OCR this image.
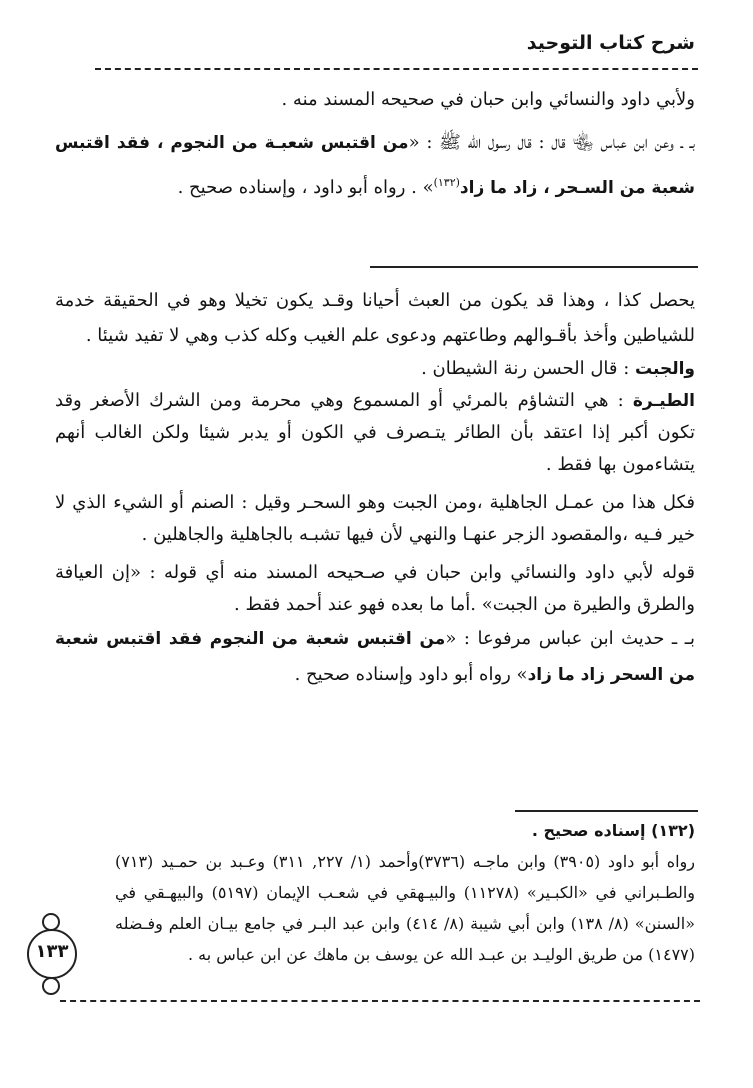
شرح كتاب التوحيد

ولأبي داود والنسائي وابن حبان في صحيحه المسند منه .

بـ ـ وعن ابن عباس ﵄ قال : قال رسول الله ﷺ : «من اقتبس شعبـة من النجوم ، فقد اقتبس شعبة من السـحر ، زاد ما زاد$^{(١٣٢)}$» . رواه أبو داود ، وإسناده صحيح .

يحصل كذا ، وهذا قد يكون من العبث أحيانا وقـد يكون تخيلا وهو في الحقيقة خدمة للشياطين وأخذ بأقـوالهم وطاعتهم ودعوى علم الغيب وكله كذب وهي لا تفيد شيئا .

والجبت : قال الحسن رنة الشيطان .

الطيـرة : هي التشاؤم بالمرئي أو المسموع وهي محرمة ومن الشرك الأصغر وقد تكون أكبر إذا اعتقد بأن الطائر يتـصرف في الكون أو يدبر شيئا ولكن الغالب أنهم يتشاءمون بها فقط .

فكل هذا من عمـل الجاهلية ،ومن الجبت وهو السحـر وقيل : الصنم أو الشيء الذي لا خير فـيه ،والمقصود الزجر عنهـا والنهي لأن فيها تشبـه بالجاهلية والجاهلين .

قوله لأبي داود والنسائي وابن حبان في صـحيحه المسند منه أي قوله : «إن العيافة والطرق والطيرة من الجبت» .أما ما بعده فهو عند أحمد فقط .

بـ ـ حديث ابن عباس مرفوعا : «من اقتبس شعبة من النجوم فقد اقتبس شعبة من السحر زاد ما زاد» رواه أبو داود وإسناده صحيح .

(١٣٢) إسناده صحيح .

رواه أبو داود (٣٩٠٥) وابن ماجـه (٣٧٣٦)وأحمد (١/ ٢٢٧, ٣١١) وعـبد بن حمـيد (٧١٣) والطـبراني في «الكبـير» (١١٢٧٨) والبيـهقي في شعـب الإيمان (٥١٩٧) والبيهـقي في «السنن» (٨/ ١٣٨) وابن أبي شيبة (٨/ ٤١٤) وابن عبد البـر في جامع بيـان العلم وفـضله (١٤٧٧) من طريق الوليـد بن عبـد الله عن يوسف بن ماهك عن ابن عباس به .

١٣٣
